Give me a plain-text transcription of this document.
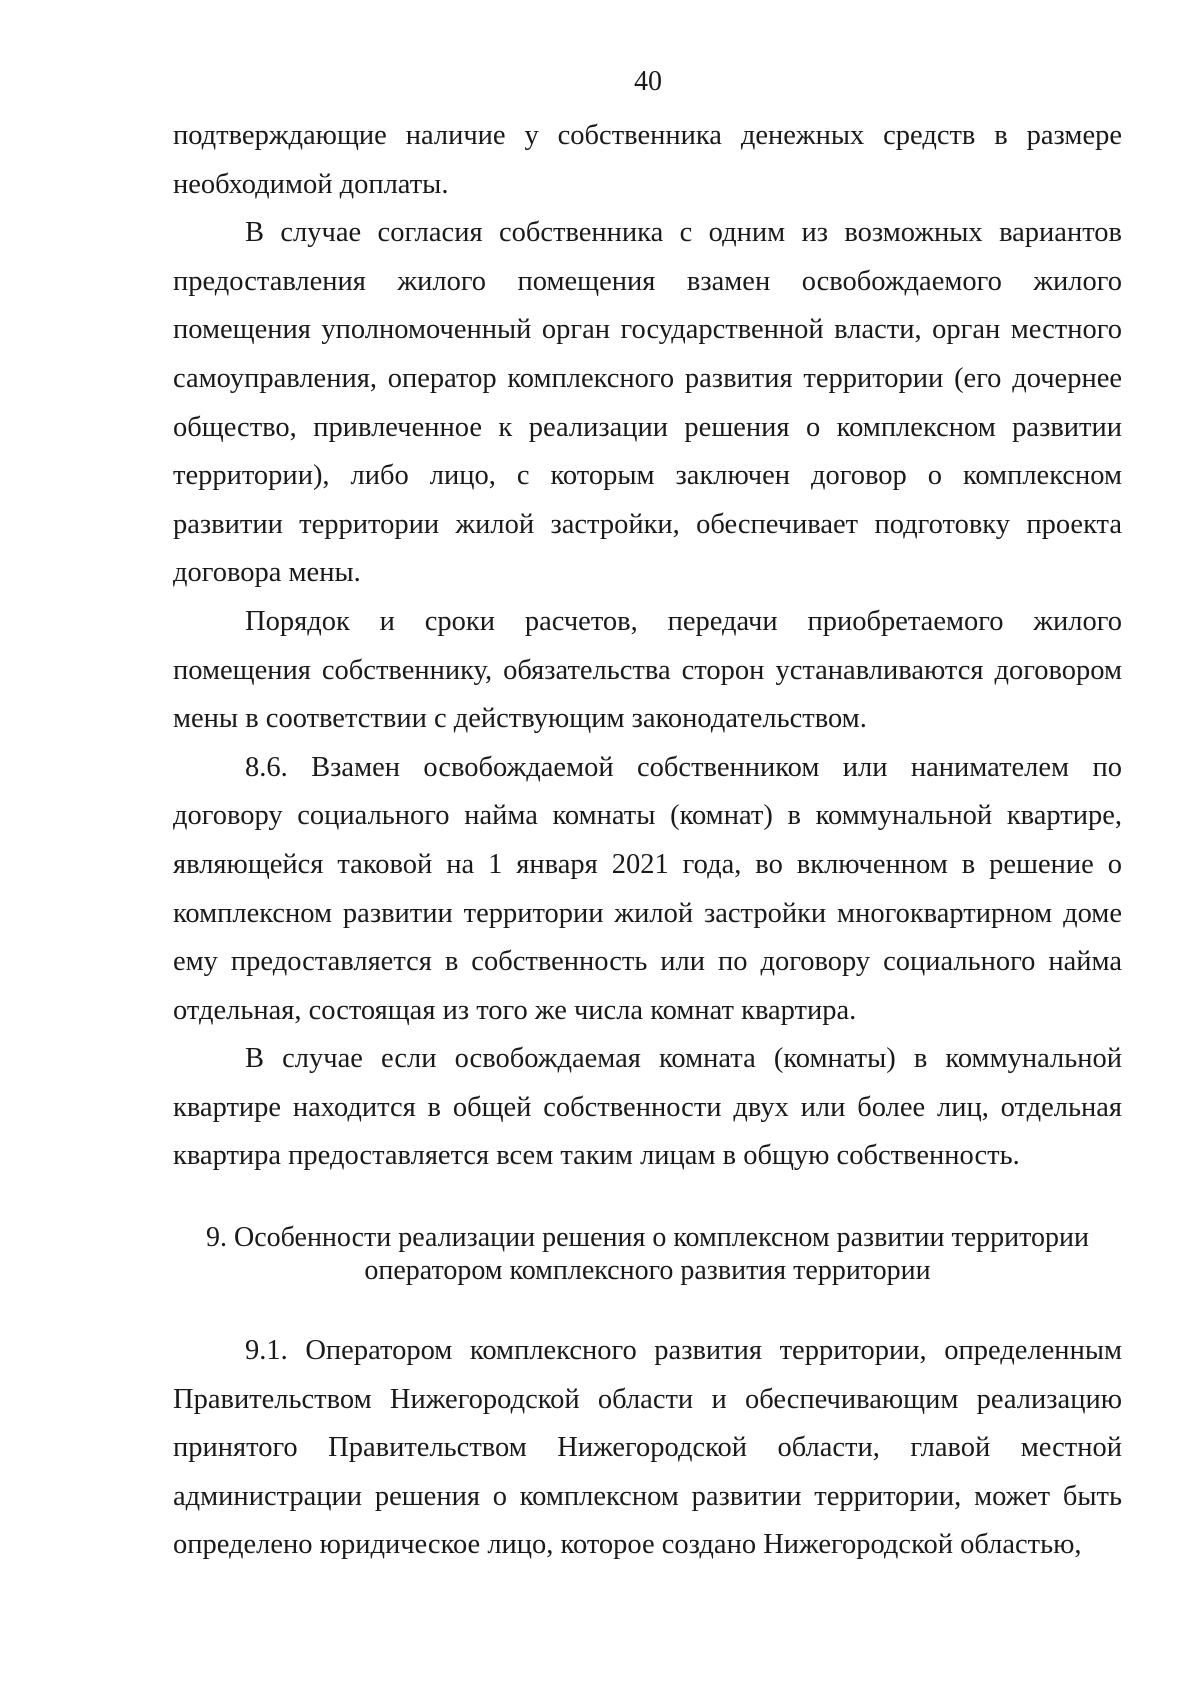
40

подтверждающие наличие у собственника денежных средств в размере необходимой доплаты.

В случае согласия собственника с одним из возможных вариантов предоставления жилого помещения взамен освобождаемого жилого помещения уполномоченный орган государственной власти, орган местного самоуправления, оператор комплексного развития территории (его дочернее общество, привлеченное к реализации решения о комплексном развитии территории), либо лицо, с которым заключен договор о комплексном развитии территории жилой застройки, обеспечивает подготовку проекта договора мены.

Порядок и сроки расчетов, передачи приобретаемого жилого помещения собственнику, обязательства сторон устанавливаются договором мены в соответствии с действующим законодательством.

8.6. Взамен освобождаемой собственником или нанимателем по договору социального найма комнаты (комнат) в коммунальной квартире, являющейся таковой на 1 января 2021 года, во включенном в решение о комплексном развитии территории жилой застройки многоквартирном доме ему предоставляется в собственность или по договору социального найма отдельная, состоящая из того же числа комнат квартира.

В случае если освобождаемая комната (комнаты) в коммунальной квартире находится в общей собственности двух или более лиц, отдельная квартира предоставляется всем таким лицам в общую собственность.

9. Особенности реализации решения о комплексном развитии территории оператором комплексного развития территории

9.1. Оператором комплексного развития территории, определенным Правительством Нижегородской области и обеспечивающим реализацию принятого Правительством Нижегородской области, главой местной администрации решения о комплексном развитии территории, может быть определено юридическое лицо, которое создано Нижегородской областью,
